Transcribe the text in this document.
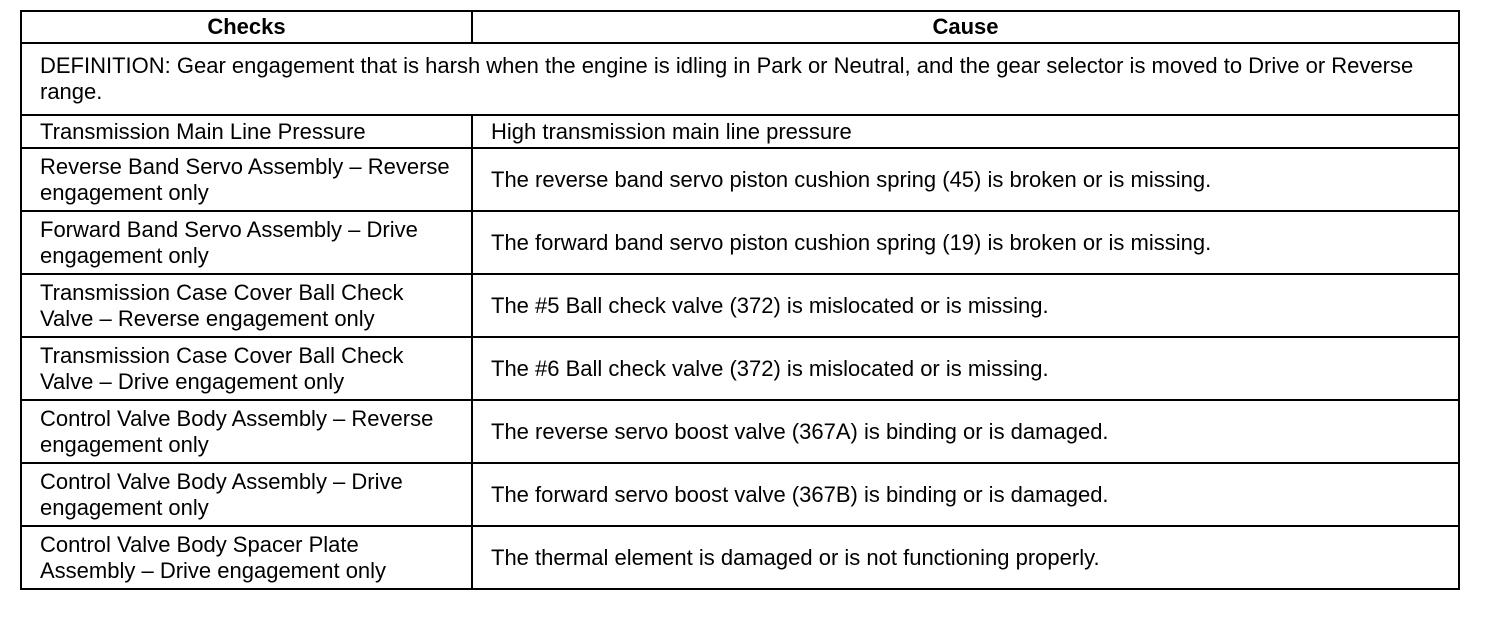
Checks	Cause
DEFINITION: Gear engagement that is harsh when the engine is idling in Park or Neutral, and the gear selector is moved to Drive or Reverse range.	
Transmission Main Line Pressure	High transmission main line pressure
Reverse Band Servo Assembly – Reverse engagement only	The reverse band servo piston cushion spring (45) is broken or is missing.
Forward Band Servo Assembly – Drive engagement only	The forward band servo piston cushion spring (19) is broken or is missing.
Transmission Case Cover Ball Check Valve – Reverse engagement only	The #5 Ball check valve (372) is mislocated or is missing.
Transmission Case Cover Ball Check Valve – Drive engagement only	The #6 Ball check valve (372) is mislocated or is missing.
Control Valve Body Assembly – Reverse engagement only	The reverse servo boost valve (367A) is binding or is damaged.
Control Valve Body Assembly – Drive engagement only	The forward servo boost valve (367B) is binding or is damaged.
Control Valve Body Spacer Plate Assembly – Drive engagement only	The thermal element is damaged or is not functioning properly.
